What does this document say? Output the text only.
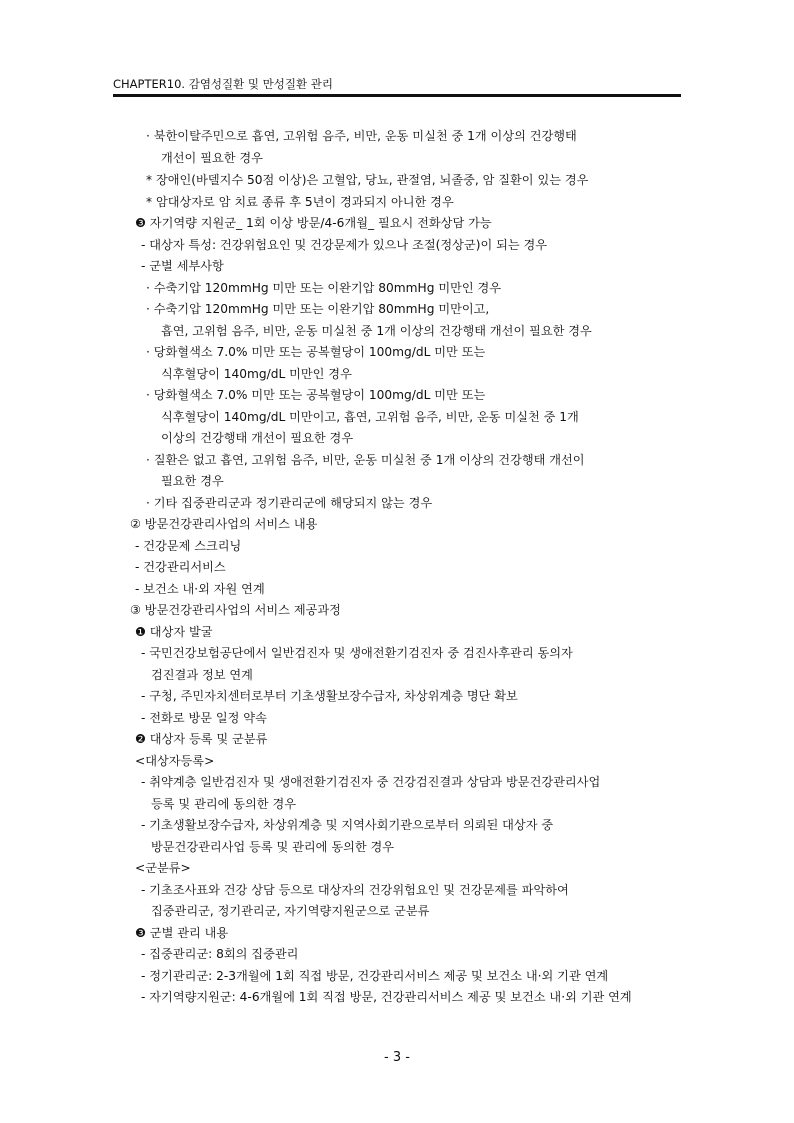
CHAPTER10. 감염성질환 및 만성질환 관리
· 북한이탈주민으로 흡연, 고위험 음주, 비만, 운동 미실천 중 1개 이상의 건강행태
개선이 필요한 경우
* 장애인(바델지수 50점 이상)은 고혈압, 당뇨, 관절염, 뇌졸중, 암 질환이 있는 경우
* 암대상자로 암 치료 종류 후 5년이 경과되지 아니한 경우
❸ 자기역량 지원군_ 1회 이상 방문/4-6개월_ 필요시 전화상담 가능
- 대상자 특성: 건강위험요인 및 건강문제가 있으나 조절(정상군)이 되는 경우
- 군별 세부사항
· 수축기압 120mmHg 미만 또는 이완기압 80mmHg 미만인 경우
· 수축기압 120mmHg 미만 또는 이완기압 80mmHg 미만이고,
흡연, 고위험 음주, 비만, 운동 미실천 중 1개 이상의 건강행태 개선이 필요한 경우
· 당화혈색소 7.0% 미만 또는 공복혈당이 100mg/dL 미만 또는
식후혈당이 140mg/dL 미만인 경우
· 당화혈색소 7.0% 미만 또는 공복혈당이 100mg/dL 미만 또는
식후혈당이 140mg/dL 미만이고, 흡연, 고위험 음주, 비만, 운동 미실천 중 1개
이상의 건강행태 개선이 필요한 경우
· 질환은 없고 흡연, 고위험 음주, 비만, 운동 미실천 중 1개 이상의 건강행태 개선이
필요한 경우
· 기타 집중관리군과 정기관리군에 해당되지 않는 경우
② 방문건강관리사업의 서비스 내용
- 건강문제 스크리닝
- 건강관리서비스
- 보건소 내·외 자원 연계
③ 방문건강관리사업의 서비스 제공과정
❶ 대상자 발굴
- 국민건강보험공단에서 일반검진자 및 생애전환기검진자 중 검진사후관리 동의자
검진결과 정보 연계
- 구청, 주민자치센터로부터 기초생활보장수급자, 차상위계층 명단 확보
- 전화로 방문 일정 약속
❷ 대상자 등록 및 군분류
<대상자등록>
- 취약계층 일반검진자 및 생애전환기검진자 중 건강검진결과 상담과 방문건강관리사업
등록 및 관리에 동의한 경우
- 기초생활보장수급자, 차상위계층 및 지역사회기관으로부터 의뢰된 대상자 중
방문건강관리사업 등록 및 관리에 동의한 경우
<군분류>
- 기초조사표와 건강 상담 등으로 대상자의 건강위험요인 및 건강문제를 파악하여
집중관리군, 정기관리군, 자기역량지원군으로 군분류
❸ 군별 관리 내용
- 집중관리군: 8회의 집중관리
- 정기관리군: 2-3개월에 1회 직접 방문, 건강관리서비스 제공 및 보건소 내·외 기관 연계
- 자기역량지원군: 4-6개월에 1회 직접 방문, 건강관리서비스 제공 및 보건소 내·외 기관 연계
- 3 -
